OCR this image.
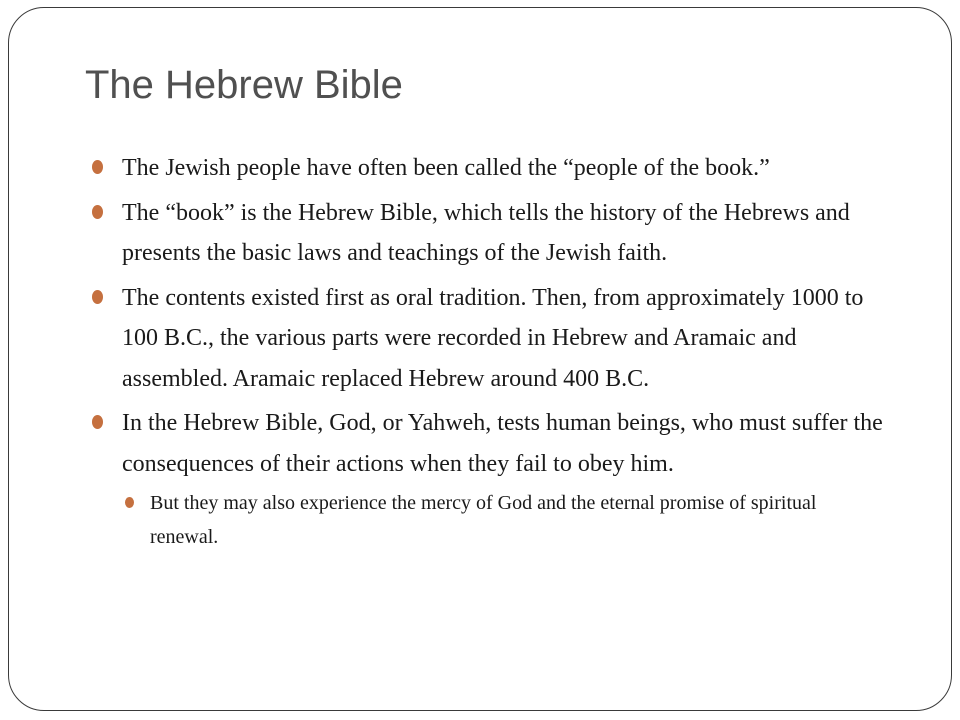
The Hebrew Bible
The Jewish people have often been called the “people of the book.”
The “book” is the Hebrew Bible, which tells the history of the Hebrews and presents the basic laws and teachings of the Jewish faith.
The contents existed first as oral tradition. Then, from approximately 1000 to 100 B.C., the various parts were recorded in Hebrew and Aramaic and assembled. Aramaic replaced Hebrew around 400 B.C.
In the Hebrew Bible, God, or Yahweh, tests human beings, who must suffer the consequences of their actions when they fail to obey him.
But they may also experience the mercy of God and the eternal promise of spiritual renewal.
